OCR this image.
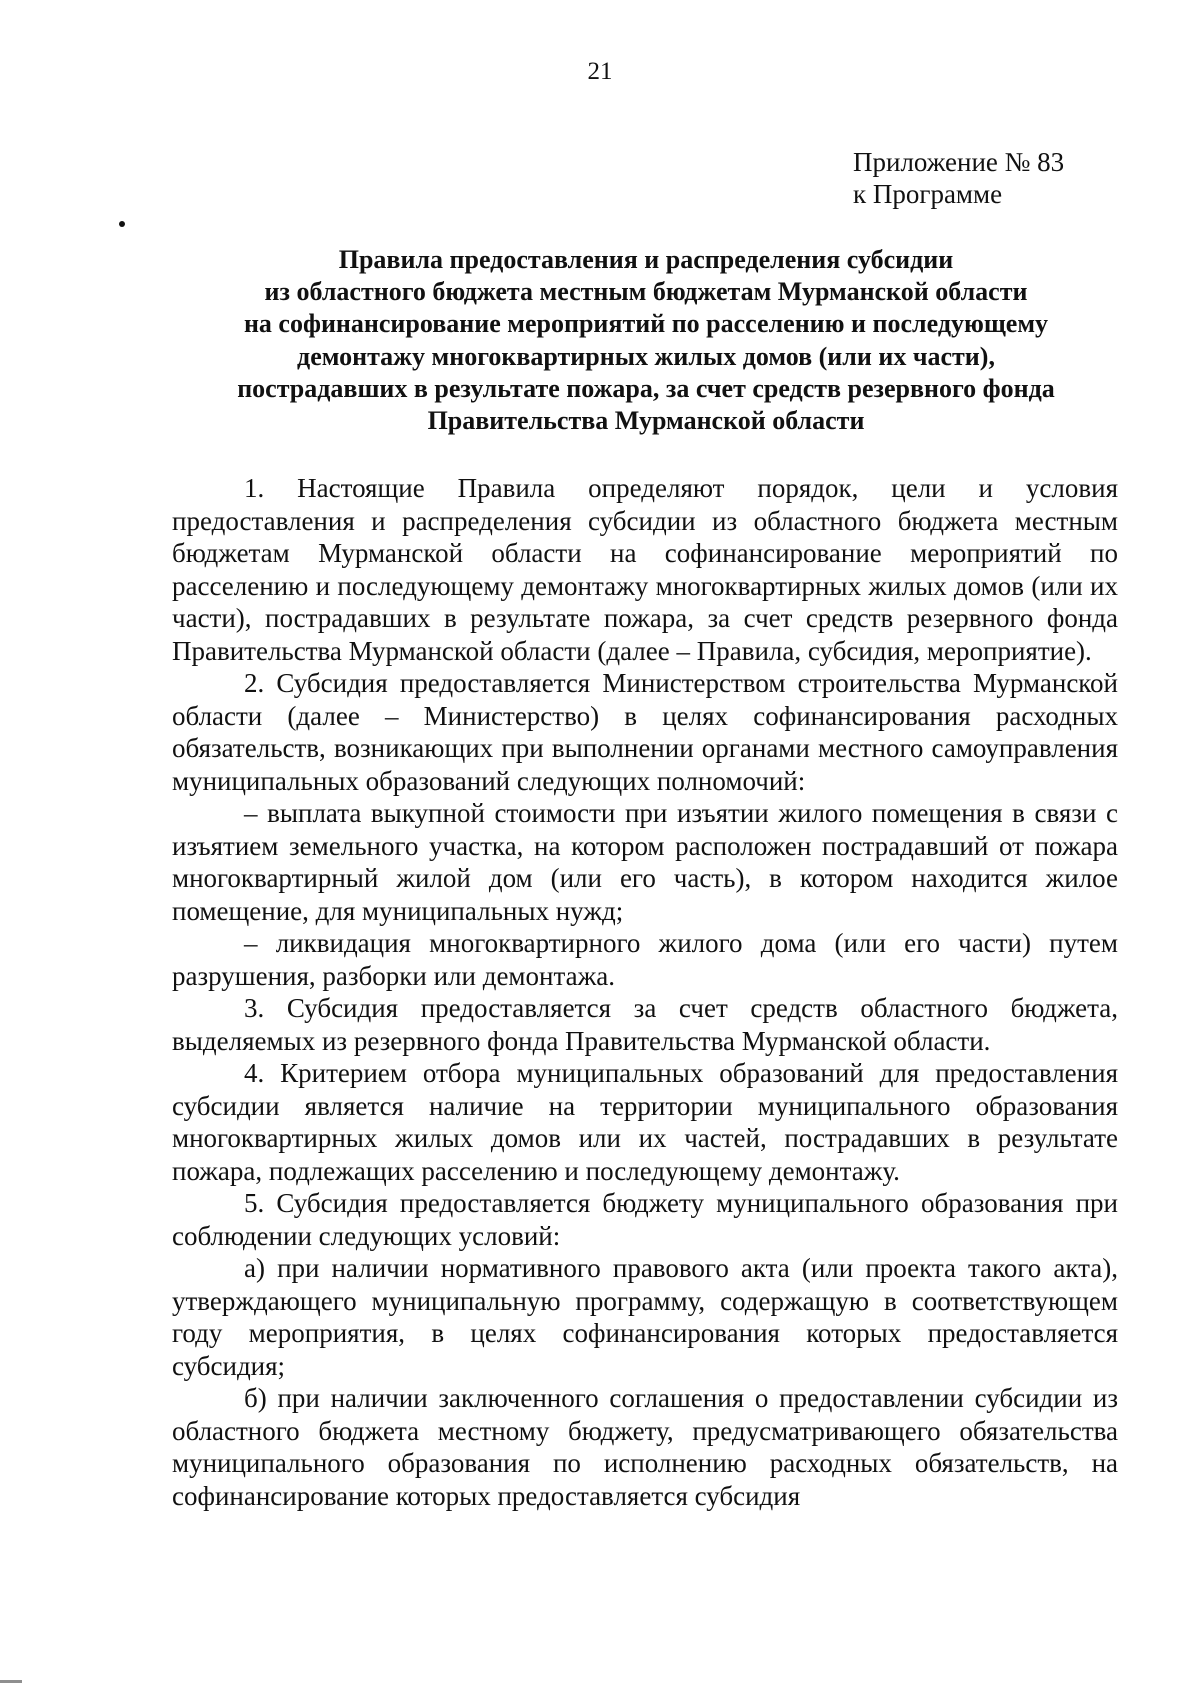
21
Приложение № 83
к Программе
Правила предоставления и распределения субсидии
из областного бюджета местным бюджетам Мурманской области
на софинансирование мероприятий по расселению и последующему
демонтажу многоквартирных жилых домов (или их части),
пострадавших в результате пожара, за счет средств резервного фонда
Правительства Мурманской области

1. Настоящие Правила определяют порядок, цели и условия предоставления и распределения субсидии из областного бюджета местным бюджетам Мурманской области на софинансирование мероприятий по расселению и последующему демонтажу многоквартирных жилых домов (или их части), пострадавших в результате пожара, за счет средств резервного фонда Правительства Мурманской области (далее – Правила, субсидия, мероприятие).

2. Субсидия предоставляется Министерством строительства Мурманской области (далее – Министерство) в целях софинансирования расходных обязательств, возникающих при выполнении органами местного самоуправления муниципальных образований следующих полномочий:

– выплата выкупной стоимости при изъятии жилого помещения в связи с изъятием земельного участка, на котором расположен пострадавший от пожара многоквартирный жилой дом (или его часть), в котором находится жилое помещение, для муниципальных нужд;

– ликвидация многоквартирного жилого дома (или его части) путем разрушения, разборки или демонтажа.

3. Субсидия предоставляется за счет средств областного бюджета, выделяемых из резервного фонда Правительства Мурманской области.

4. Критерием отбора муниципальных образований для предоставления субсидии является наличие на территории муниципального образования многоквартирных жилых домов или их частей, пострадавших в результате пожара, подлежащих расселению и последующему демонтажу.

5. Субсидия предоставляется бюджету муниципального образования при соблюдении следующих условий:

а) при наличии нормативного правового акта (или проекта такого акта), утверждающего муниципальную программу, содержащую в соответствующем году мероприятия, в целях софинансирования которых предоставляется субсидия;

б) при наличии заключенного соглашения о предоставлении субсидии из областного бюджета местному бюджету, предусматривающего обязательства муниципального образования по исполнению расходных обязательств, на софинансирование которых предоставляется субсидия
